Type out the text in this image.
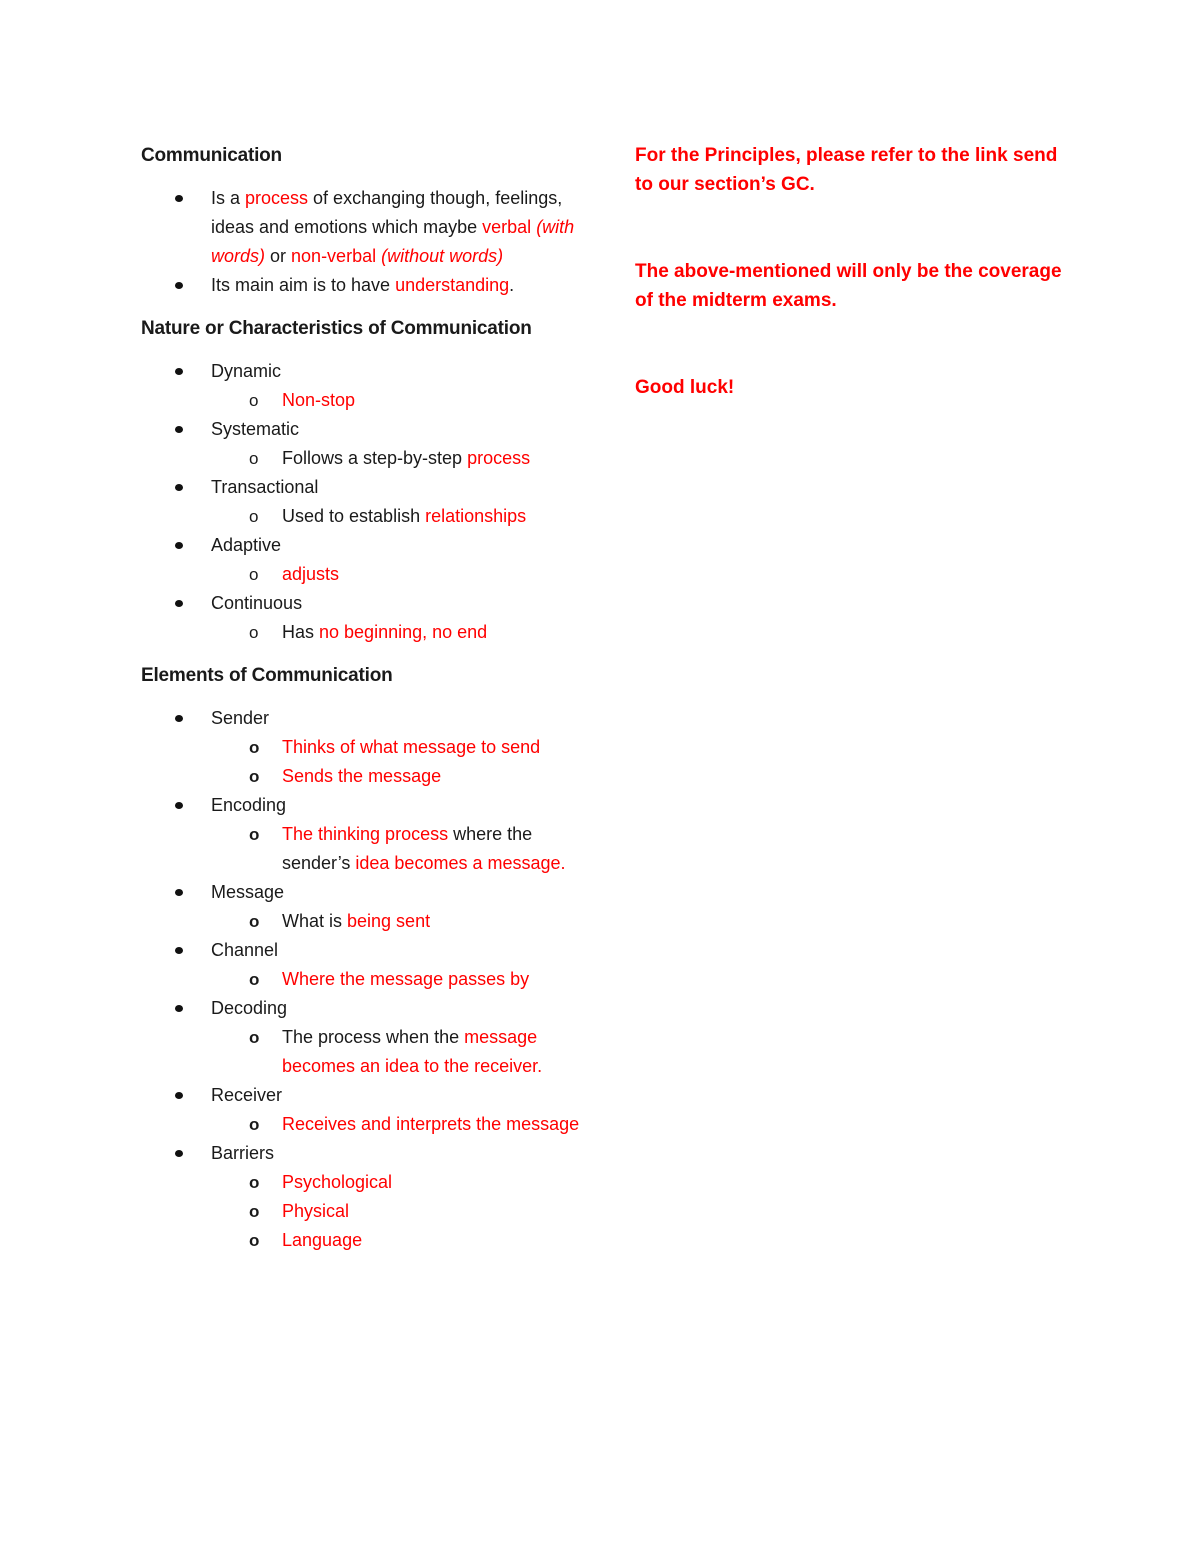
Communication
Is a process of exchanging though, feelings, ideas and emotions which maybe verbal (with words) or non-verbal (without words)
Its main aim is to have understanding.
Nature or Characteristics of Communication
Dynamic
o Non-stop
Systematic
o Follows a step-by-step process
Transactional
o Used to establish relationships
Adaptive
o adjusts
Continuous
o Has no beginning, no end
Elements of Communication
Sender
o Thinks of what message to send
o Sends the message
Encoding
o The thinking process where the sender’s idea becomes a message.
Message
o What is being sent
Channel
o Where the message passes by
Decoding
o The process when the message becomes an idea to the receiver.
Receiver
o Receives and interprets the message
Barriers
o Psychological
o Physical
o Language

For the Principles, please refer to the link send to our section’s GC.

The above-mentioned will only be the coverage of the midterm exams.

Good luck!
